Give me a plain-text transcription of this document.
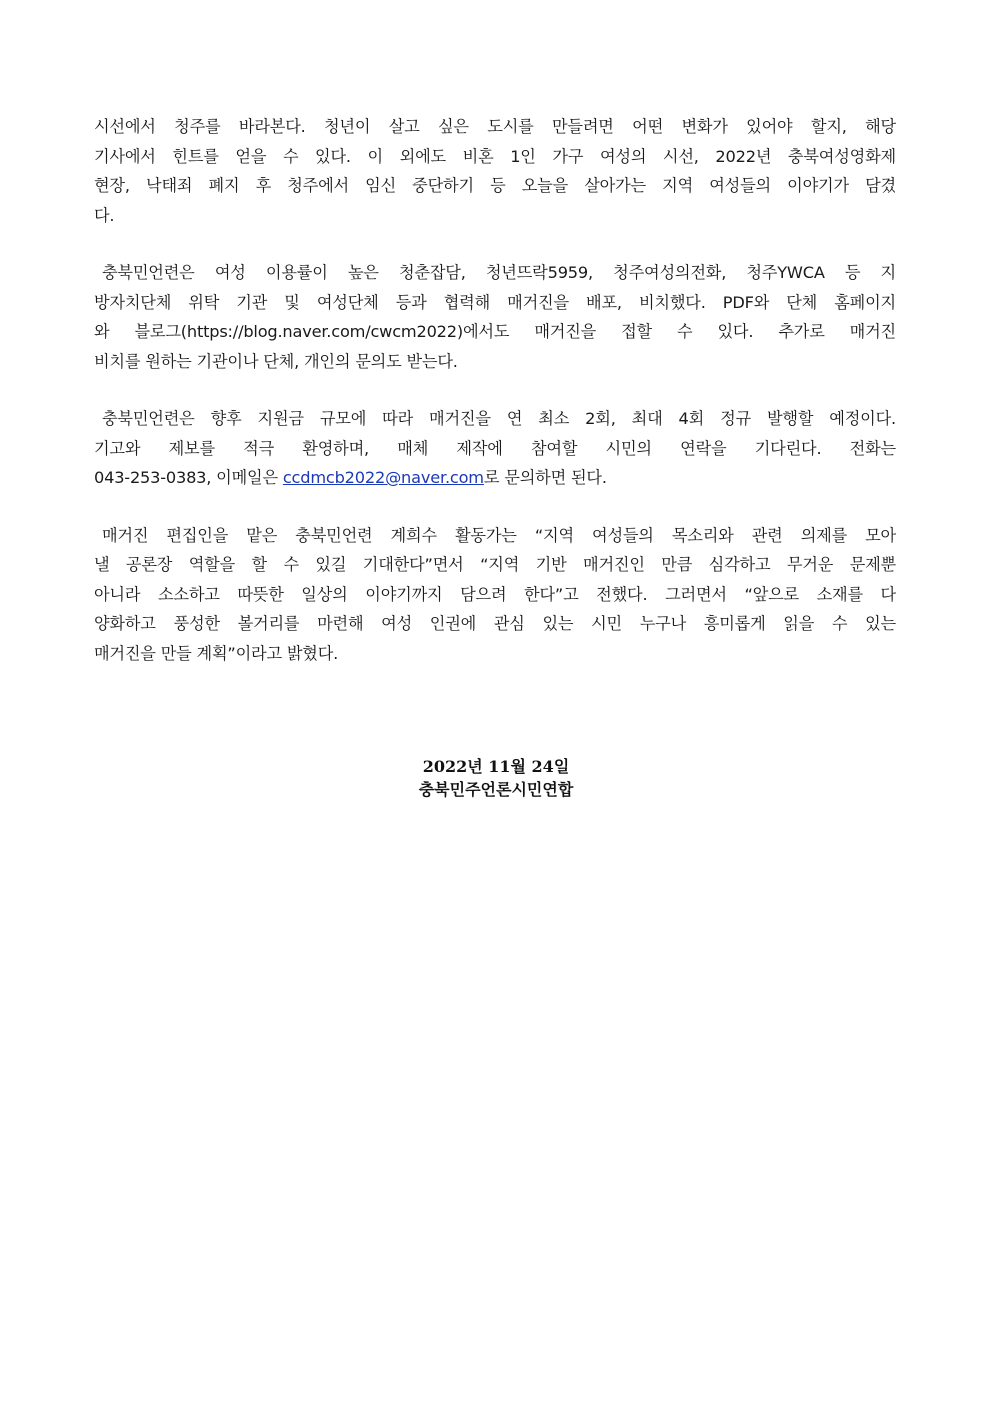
시선에서 청주를 바라본다. 청년이 살고 싶은 도시를 만들려면 어떤 변화가 있어야 할지, 해당
기사에서 힌트를 얻을 수 있다. 이 외에도 비혼 1인 가구 여성의 시선, 2022년 충북여성영화제
현장, 낙태죄 폐지 후 청주에서 임신 중단하기 등 오늘을 살아가는 지역 여성들의 이야기가 담겼
다.

충북민언련은 여성 이용률이 높은 청춘잡담, 청년뜨락5959, 청주여성의전화, 청주YWCA 등 지
방자치단체 위탁 기관 및 여성단체 등과 협력해 매거진을 배포, 비치했다. PDF와 단체 홈페이지
와 블로그(https://blog.naver.com/cwcm2022)에서도 매거진을 접할 수 있다. 추가로 매거진
비치를 원하는 기관이나 단체, 개인의 문의도 받는다.

충북민언련은 향후 지원금 규모에 따라 매거진을 연 최소 2회, 최대 4회 정규 발행할 예정이다.
기고와 제보를 적극 환영하며, 매체 제작에 참여할 시민의 연락을 기다린다. 전화는
043-253-0383, 이메일은 ccdmcb2022@naver.com로 문의하면 된다.

매거진 편집인을 맡은 충북민언련 계희수 활동가는 “지역 여성들의 목소리와 관련 의제를 모아
낼 공론장 역할을 할 수 있길 기대한다”면서 “지역 기반 매거진인 만큼 심각하고 무거운 문제뿐
아니라 소소하고 따뜻한 일상의 이야기까지 담으려 한다”고 전했다. 그러면서 “앞으로 소재를 다
양화하고 풍성한 볼거리를 마련해 여성 인권에 관심 있는 시민 누구나 흥미롭게 읽을 수 있는
매거진을 만들 계획”이라고 밝혔다.

2022년 11월 24일
충북민주언론시민연합
